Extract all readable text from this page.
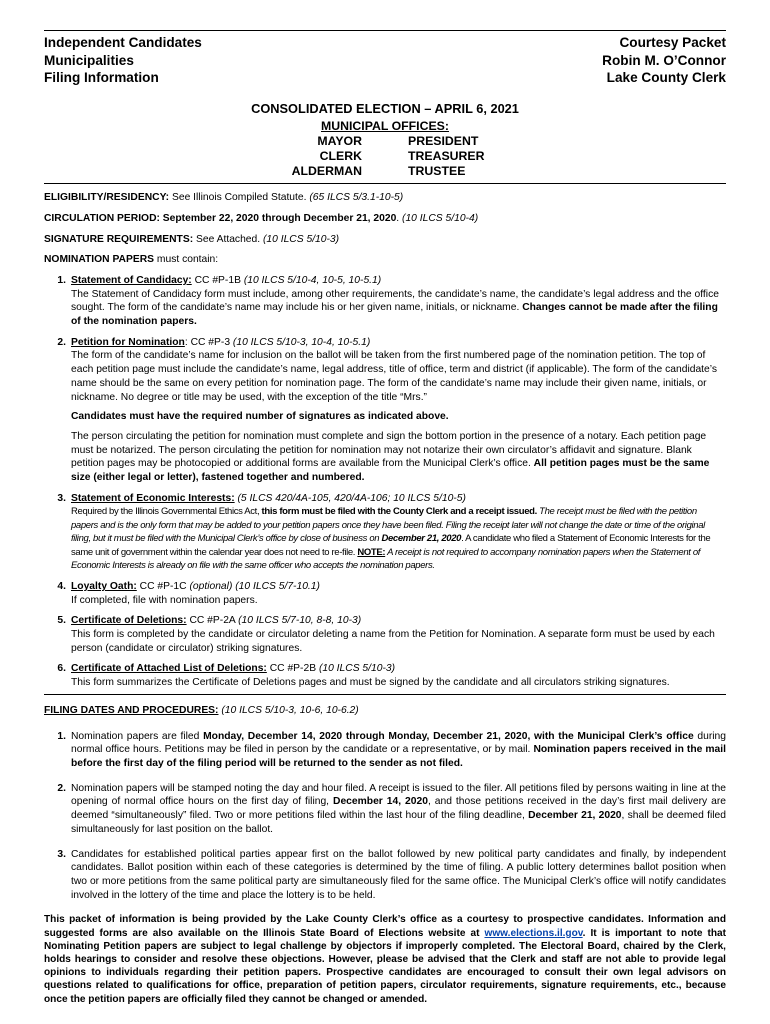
Independent Candidates
Municipalities
Filing Information
Courtesy Packet
Robin M. O’Connor
Lake County Clerk
CONSOLIDATED ELECTION – APRIL 6, 2021
MUNICIPAL OFFICES:
MAYOR
CLERK
ALDERMAN
PRESIDENT
TREASURER
TRUSTEE

ELIGIBILITY/RESIDENCY: See Illinois Compiled Statute. (65 ILCS 5/3.1-10-5)

CIRCULATION PERIOD: September 22, 2020 through December 21, 2020. (10 ILCS 5/10-4)

SIGNATURE REQUIREMENTS: See Attached. (10 ILCS 5/10-3)

NOMINATION PAPERS must contain:

1. Statement of Candidacy: CC #P-1B (10 ILCS 5/10-4, 10-5, 10-5.1)

The Statement of Candidacy form must include, among other requirements, the candidate’s name, the candidate’s legal address and the office sought. The form of the candidate’s name may include his or her given name, initials, or nickname. Changes cannot be made after the filing of the nomination papers.

2. Petition for Nomination: CC #P-3 (10 ILCS 5/10-3, 10-4, 10-5.1)

The form of the candidate’s name for inclusion on the ballot will be taken from the first numbered page of the nomination petition. The top of each petition page must include the candidate’s name, legal address, title of office, term and district (if applicable). The form of the candidate’s name should be the same on every petition for nomination page. The form of the candidate’s name may include their given name, initials, or nickname. No degree or title may be used, with the exception of the title “Mrs.”

Candidates must have the required number of signatures as indicated above.

The person circulating the petition for nomination must complete and sign the bottom portion in the presence of a notary. Each petition page must be notarized. The person circulating the petition for nomination may not notarize their own circulator’s affidavit and signature. Blank petition pages may be photocopied or additional forms are available from the Municipal Clerk’s office. All petition pages must be the same size (either legal or letter), fastened together and numbered.

3. Statement of Economic Interests: (5 ILCS 420/4A-105, 420/4A-106; 10 ILCS 5/10-5)

Required by the Illinois Governmental Ethics Act, this form must be filed with the County Clerk and a receipt issued. The receipt must be filed with the petition papers and is the only form that may be added to your petition papers once they have been filed. Filing the receipt later will not change the date or time of the original filing, but it must be filed with the Municipal Clerk’s office by close of business on December 21, 2020. A candidate who filed a Statement of Economic Interests for the same unit of government within the calendar year does not need to re-file. NOTE: A receipt is not required to accompany nomination papers when the Statement of Economic Interests is already on file with the same officer who accepts the nomination papers.

4. Loyalty Oath: CC #P-1C (optional) (10 ILCS 5/7-10.1)

If completed, file with nomination papers.

5. Certificate of Deletions: CC #P-2A (10 ILCS 5/7-10, 8-8, 10-3)

This form is completed by the candidate or circulator deleting a name from the Petition for Nomination. A separate form must be used by each person (candidate or circulator) striking signatures.

6. Certificate of Attached List of Deletions: CC #P-2B (10 ILCS 5/10-3)

This form summarizes the Certificate of Deletions pages and must be signed by the candidate and all circulators striking signatures.

FILING DATES AND PROCEDURES: (10 ILCS 5/10-3, 10-6, 10-6.2)

1. Nomination papers are filed Monday, December 14, 2020 through Monday, December 21, 2020, with the Municipal Clerk’s office during normal office hours. Petitions may be filed in person by the candidate or a representative, or by mail. Nomination papers received in the mail before the first day of the filing period will be returned to the sender as not filed.
2. Nomination papers will be stamped noting the day and hour filed. A receipt is issued to the filer. All petitions filed by persons waiting in line at the opening of normal office hours on the first day of filing, December 14, 2020, and those petitions received in the day’s first mail delivery are deemed “simultaneously” filed. Two or more petitions filed within the last hour of the filing deadline, December 21, 2020, shall be deemed filed simultaneously for last position on the ballot.
3. Candidates for established political parties appear first on the ballot followed by new political party candidates and finally, by independent candidates. Ballot position within each of these categories is determined by the time of filing. A public lottery determines ballot position when two or more petitions from the same political party are simultaneously filed for the same office. The Municipal Clerk’s office will notify candidates involved in the lottery of the time and place the lottery is to be held.

This packet of information is being provided by the Lake County Clerk’s office as a courtesy to prospective candidates. Information and suggested forms are also available on the Illinois State Board of Elections website at www.elections.il.gov. It is important to note that Nominating Petition papers are subject to legal challenge by objectors if improperly completed. The Electoral Board, chaired by the Clerk, holds hearings to consider and resolve these objections. However, please be advised that the Clerk and staff are not able to provide legal opinions to individuals regarding their petition papers. Prospective candidates are encouraged to consult their own legal advisors on questions related to qualifications for office, preparation of petition papers, circulator requirements, signature requirements, etc., because once the petition papers are officially filed they cannot be changed or amended.
